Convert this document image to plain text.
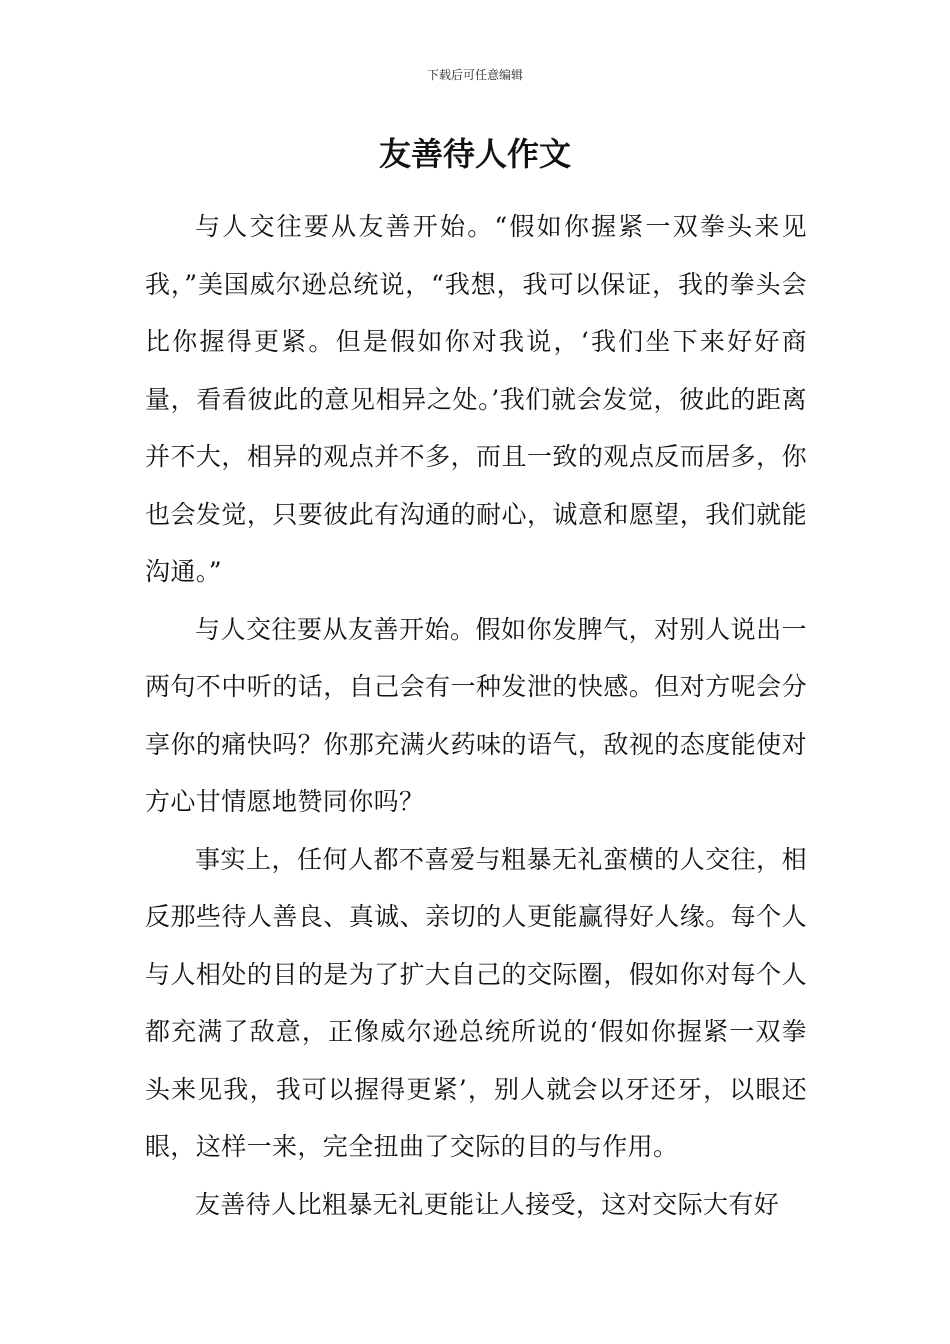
下载后可任意编辑
友善待人作文

与人交往要从友善开始。“假如你握紧一双拳头来见我，”美国威尔逊总统说，“我想，我可以保证，我的拳头会比你握得更紧。但是假如你对我说，‘我们坐下来好好商量，看看彼此的意见相异之处。’我们就会发觉，彼此的距离并不大，相异的观点并不多，而且一致的观点反而居多，你也会发觉，只要彼此有沟通的耐心，诚意和愿望，我们就能沟通。”

与人交往要从友善开始。假如你发脾气，对别人说出一两句不中听的话，自己会有一种发泄的快感。但对方呢会分享你的痛快吗？你那充满火药味的语气，敌视的态度能使对方心甘情愿地赞同你吗？

事实上，任何人都不喜爱与粗暴无礼蛮横的人交往，相反那些待人善良、真诚、亲切的人更能赢得好人缘。每个人与人相处的目的是为了扩大自己的交际圈，假如你对每个人都充满了敌意，正像威尔逊总统所说的‘假如你握紧一双拳头来见我，我可以握得更紧’，别人就会以牙还牙，以眼还眼，这样一来，完全扭曲了交际的目的与作用。

友善待人比粗暴无礼更能让人接受，这对交际大有好
